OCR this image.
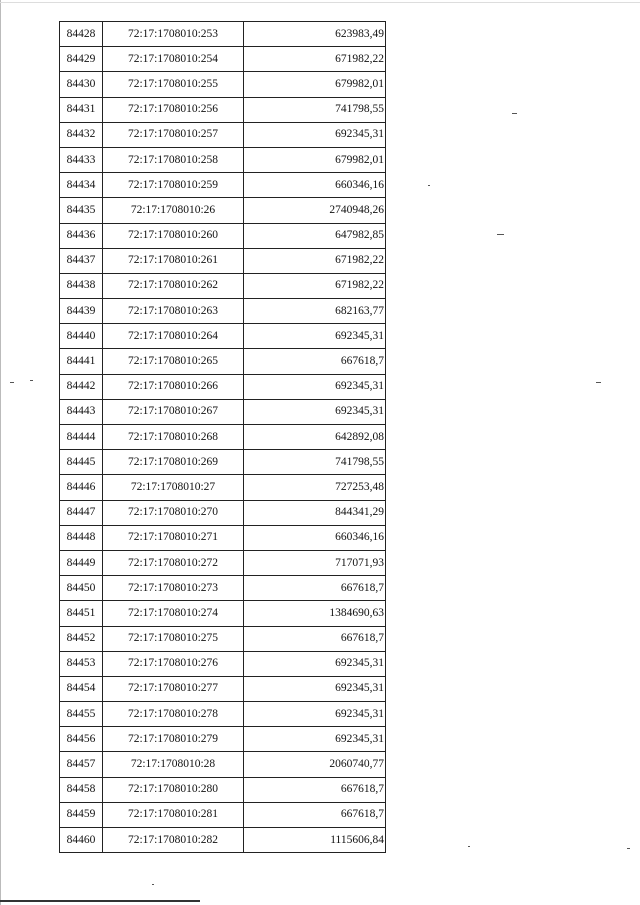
84428	72:17:1708010:253	623983,49
84429	72:17:1708010:254	671982,22
84430	72:17:1708010:255	679982,01
84431	72:17:1708010:256	741798,55
84432	72:17:1708010:257	692345,31
84433	72:17:1708010:258	679982,01
84434	72:17:1708010:259	660346,16
84435	72:17:1708010:26	2740948,26
84436	72:17:1708010:260	647982,85
84437	72:17:1708010:261	671982,22
84438	72:17:1708010:262	671982,22
84439	72:17:1708010:263	682163,77
84440	72:17:1708010:264	692345,31
84441	72:17:1708010:265	667618,7
84442	72:17:1708010:266	692345,31
84443	72:17:1708010:267	692345,31
84444	72:17:1708010:268	642892,08
84445	72:17:1708010:269	741798,55
84446	72:17:1708010:27	727253,48
84447	72:17:1708010:270	844341,29
84448	72:17:1708010:271	660346,16
84449	72:17:1708010:272	717071,93
84450	72:17:1708010:273	667618,7
84451	72:17:1708010:274	1384690,63
84452	72:17:1708010:275	667618,7
84453	72:17:1708010:276	692345,31
84454	72:17:1708010:277	692345,31
84455	72:17:1708010:278	692345,31
84456	72:17:1708010:279	692345,31
84457	72:17:1708010:28	2060740,77
84458	72:17:1708010:280	667618,7
84459	72:17:1708010:281	667618,7
84460	72:17:1708010:282	1115606,84
